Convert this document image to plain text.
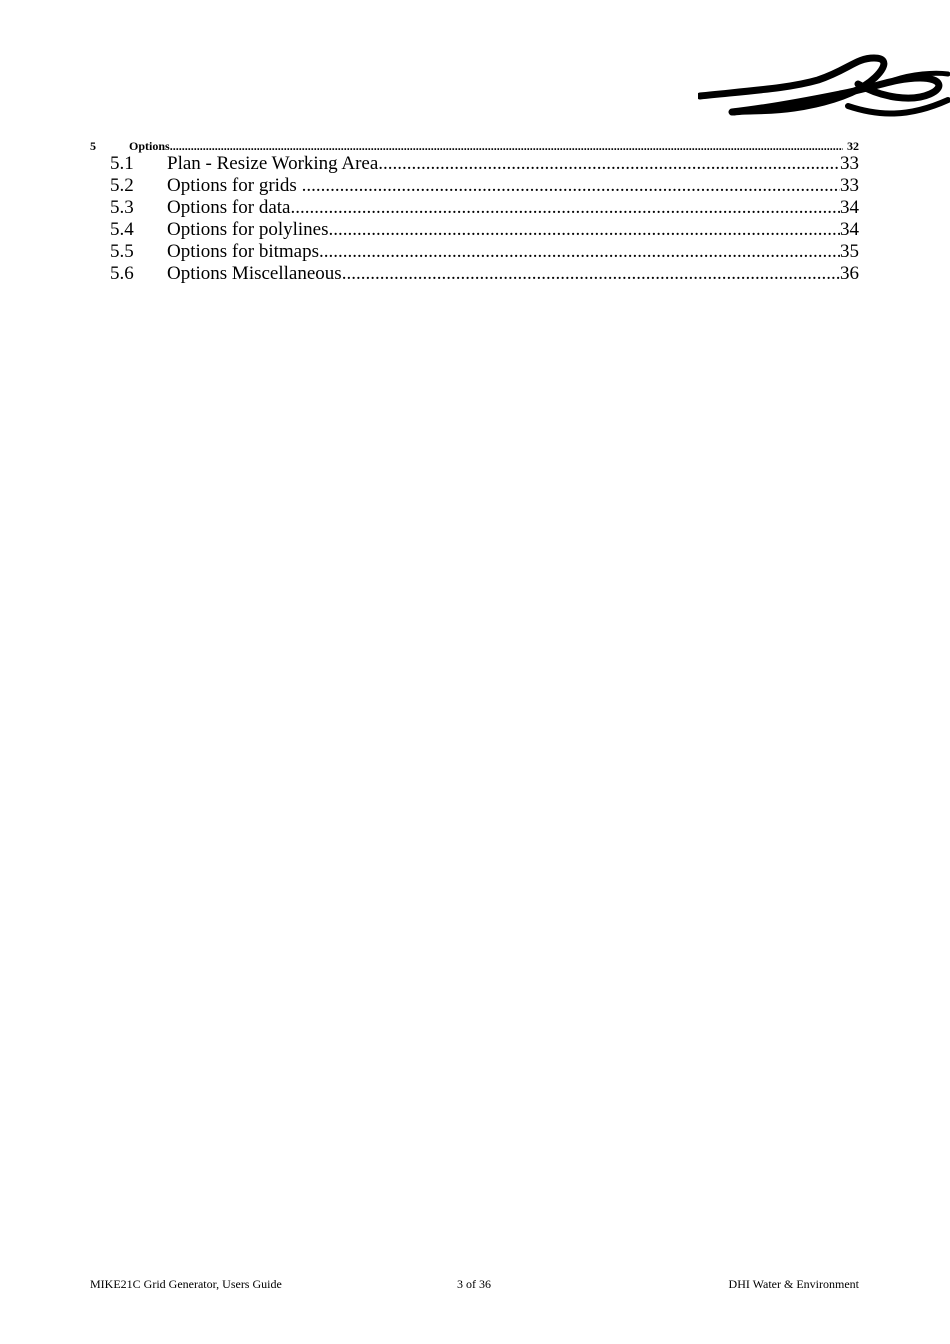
5	Options .....	32
5.1	Plan - Resize Working Area .....	33
5.2	Options for grids .....	33
5.3	Options for data .....	34
5.4	Options for polylines .....	34
5.5	Options for bitmaps .....	35
5.6	Options Miscellaneous .....	36
MIKE21C Grid Generator, Users Guide	3 of 36	DHI Water & Environment
